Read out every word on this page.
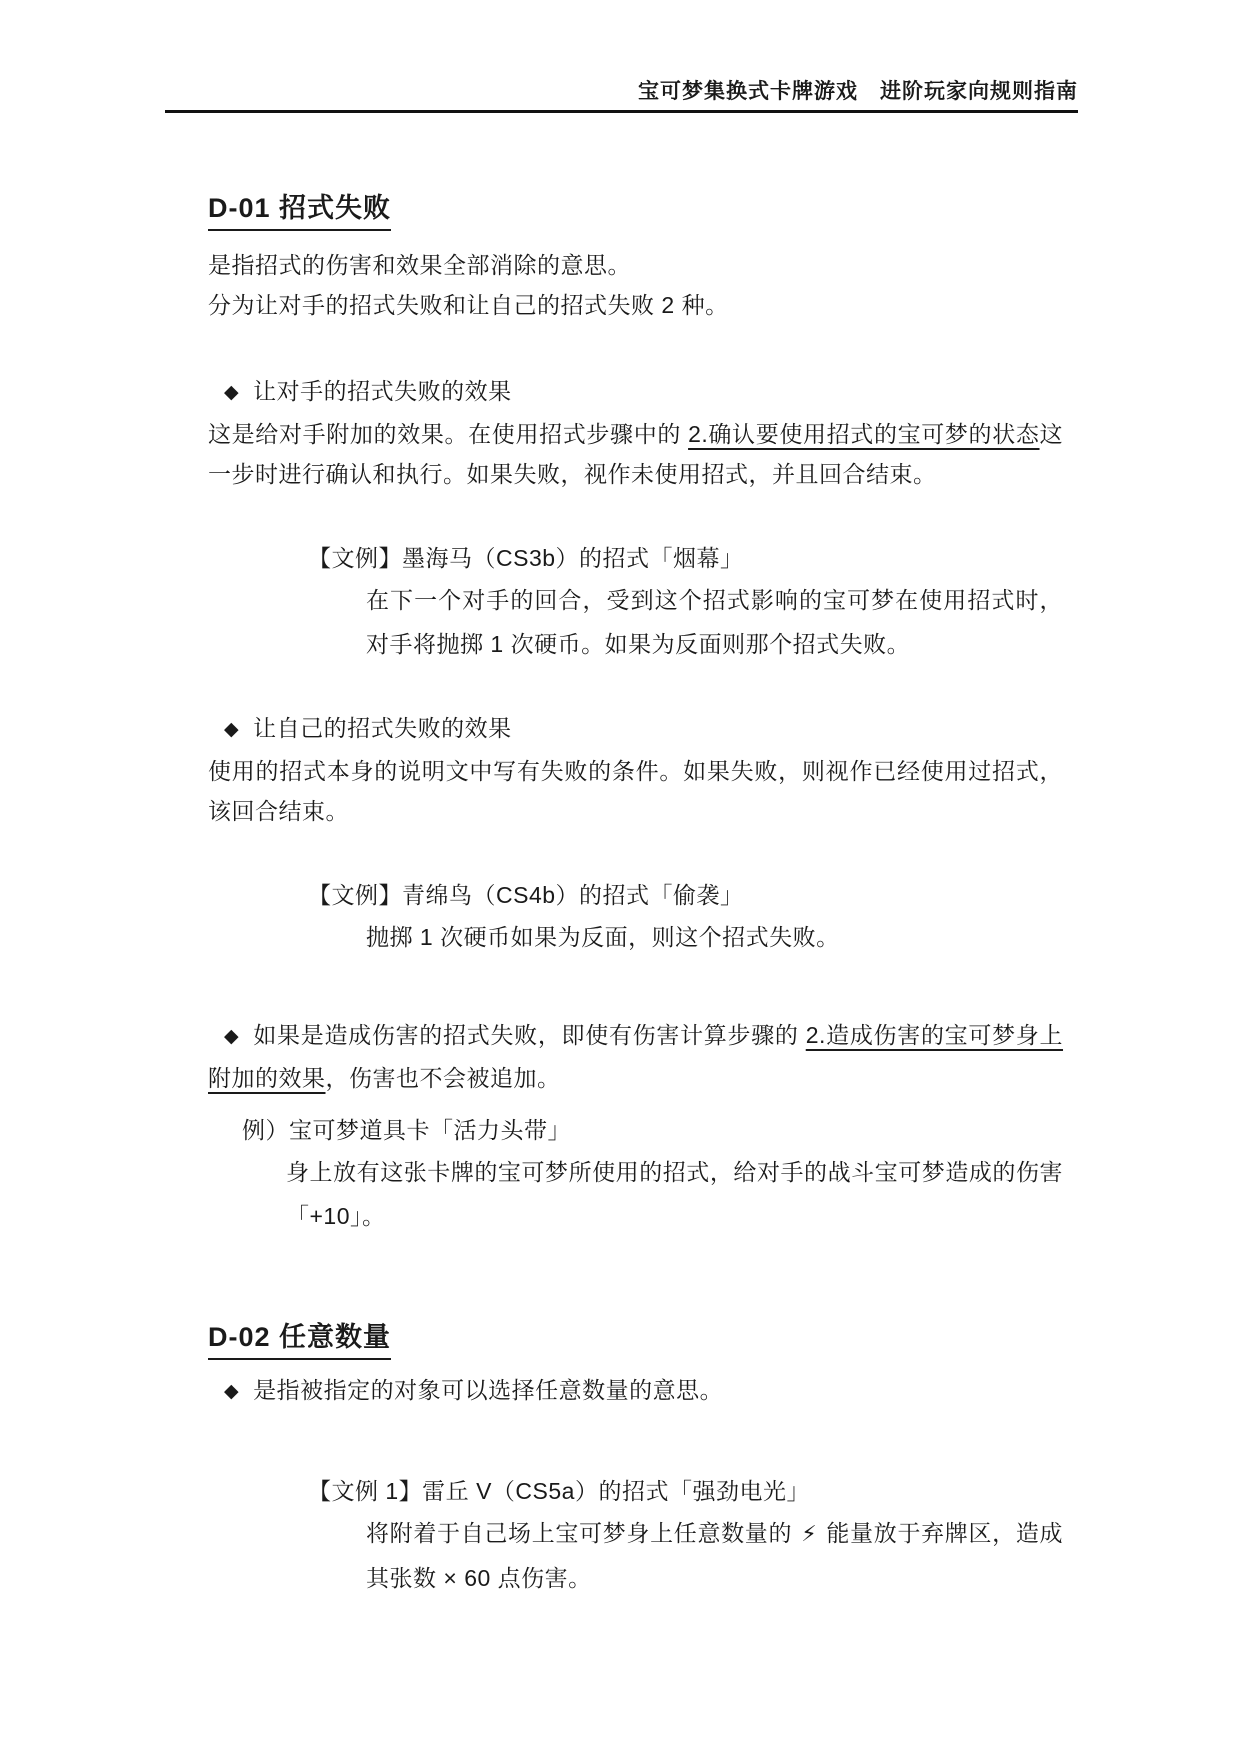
宝可梦集换式卡牌游戏　进阶玩家向规则指南
D-01 招式失败

是指招式的伤害和效果全部消除的意思。

分为让对手的招式失败和让自己的招式失败 2 种。

◆ 让对手的招式失败的效果

这是给对手附加的效果。在使用招式步骤中的 2.确认要使用招式的宝可梦的状态这一步时进行确认和执行。如果失败，视作未使用招式，并且回合结束。

【文例】墨海马（CS3b）的招式「烟幕」

在下一个对手的回合，受到这个招式影响的宝可梦在使用招式时，对手将抛掷 1 次硬币。如果为反面则那个招式失败。

◆ 让自己的招式失败的效果

使用的招式本身的说明文中写有失败的条件。如果失败，则视作已经使用过招式，该回合结束。

【文例】青绵鸟（CS4b）的招式「偷袭」

抛掷 1 次硬币如果为反面，则这个招式失败。

◆ 如果是造成伤害的招式失败，即使有伤害计算步骤的 2.造成伤害的宝可梦身上附加的效果，伤害也不会被追加。

例）宝可梦道具卡「活力头带」

身上放有这张卡牌的宝可梦所使用的招式，给对手的战斗宝可梦造成的伤害「+10」。

D-02 任意数量
◆ 是指被指定的对象可以选择任意数量的意思。

【文例 1】雷丘 V（CS5a）的招式「强劲电光」

将附着于自己场上宝可梦身上任意数量的 ⚡ 能量放于弃牌区，造成其张数 × 60 点伤害。
